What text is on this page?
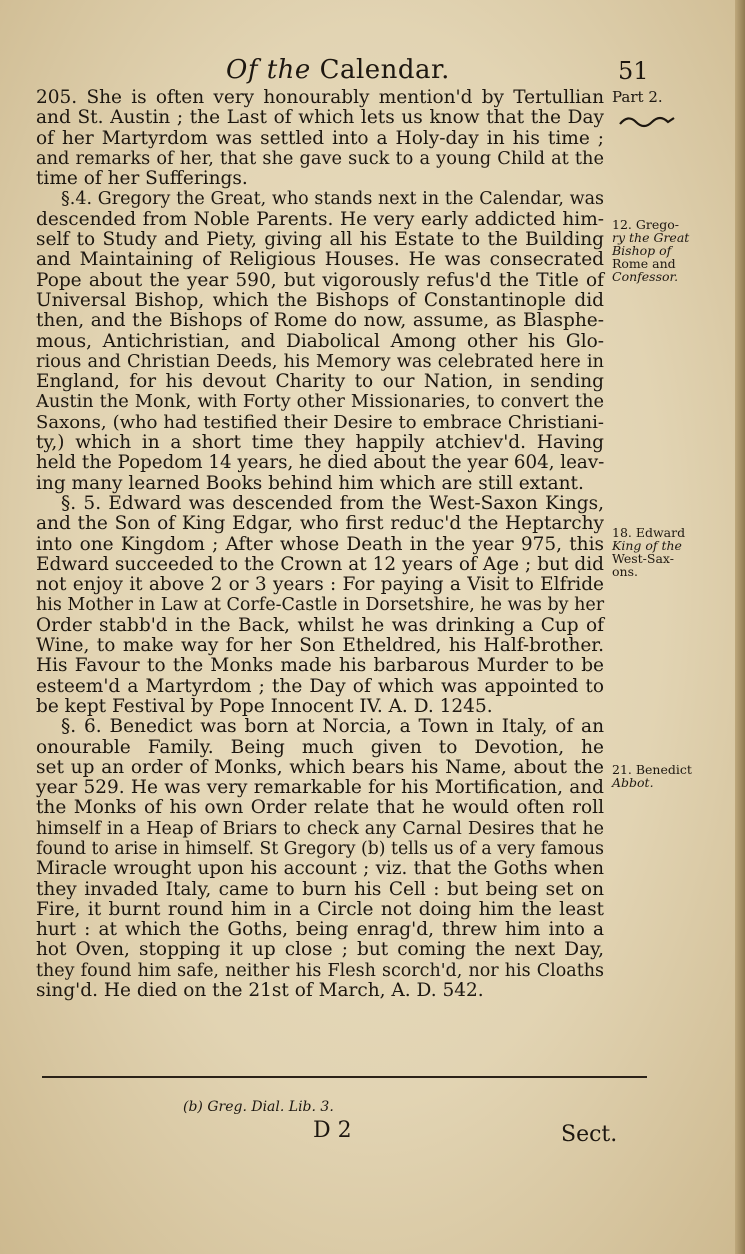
Of the Calendar.	51
205. She is often very honourably mention'd by Tertullian
and St. Austin ; the Last of which lets us know that the Day
of her Martyrdom was settled into a Holy-day in his time ;
and remarks of her, that she gave suck to a young Child at the
time of her Sufferings.
§.4. Gregory the Great, who stands next in the Calendar, was
descended from Noble Parents. He very early addicted him-
self to Study and Piety, giving all his Estate to the Building
and Maintaining of Religious Houses. He was consecrated
Pope about the year 590, but vigorously refus'd the Title of
Universal Bishop, which the Bishops of Constantinople did
then, and the Bishops of Rome do now, assume, as Blasphe-
mous, Antichristian, and Diabolical Among other his Glo-
rious and Christian Deeds, his Memory was celebrated here in
England, for his devout Charity to our Nation, in sending
Austin the Monk, with Forty other Missionaries, to convert the
Saxons, (who had testified their Desire to embrace Christiani-
ty,) which in a short time they happily atchiev'd. Having
held the Popedom 14 years, he died about the year 604, leav-
ing many learned Books behind him which are still extant.
§. 5. Edward was descended from the West-Saxon Kings,
and the Son of King Edgar, who first reduc'd the Heptarchy
into one Kingdom ; After whose Death in the year 975, this
Edward succeeded to the Crown at 12 years of Age ; but did
not enjoy it above 2 or 3 years : For paying a Visit to Elfride
his Mother in Law at Corfe-Castle in Dorsetshire, he was by her
Order stabb'd in the Back, whilst he was drinking a Cup of
Wine, to make way for her Son Etheldred, his Half-brother.
His Favour to the Monks made his barbarous Murder to be
esteem'd a Martyrdom ; the Day of which was appointed to
be kept Festival by Pope Innocent IV. A. D. 1245.
§. 6. Benedict was born at Norcia, a Town in Italy, of an
onourable Family. Being much given to Devotion, he
set up an order of Monks, which bears his Name, about the
year 529. He was very remarkable for his Mortification, and
the Monks of his own Order relate that he would often roll
himself in a Heap of Briars to check any Carnal Desires that he
found to arise in himself. St Gregory (b) tells us of a very famous
Miracle wrought upon his account ; viz. that the Goths when
they invaded Italy, came to burn his Cell : but being set on
Fire, it burnt round him in a Circle not doing him the least
hurt : at which the Goths, being enrag'd, threw him into a
hot Oven, stopping it up close ; but coming the next Day,
they found him safe, neither his Flesh scorch'd, nor his Cloaths
sing'd. He died on the 21st of March, A. D. 542.
Part 2.
12. Grego-
ry the Great
Bishop of
Rome and
Confessor.
18. Edward
King of the
West-Sax-
ons.
21. Benedict
Abbot.
(b) Greg. Dial. Lib. 3.
D 2	Sect.
